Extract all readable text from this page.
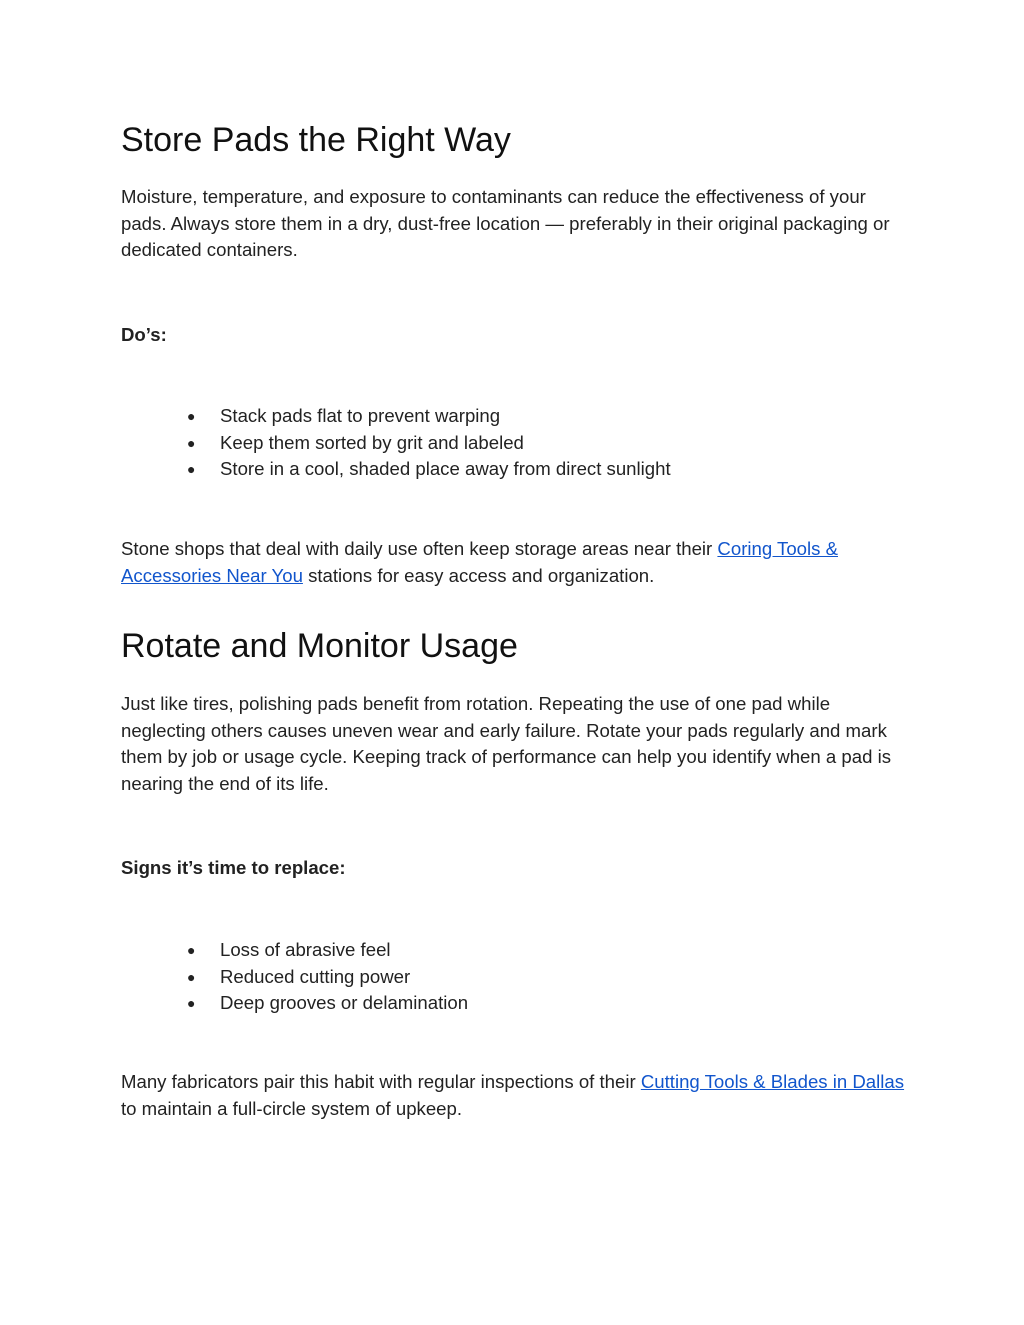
Store Pads the Right Way

Moisture, temperature, and exposure to contaminants can reduce the effectiveness of your pads. Always store them in a dry, dust-free location — preferably in their original packaging or dedicated containers.

Do’s:
● Stack pads flat to prevent warping
● Keep them sorted by grit and labeled
● Store in a cool, shaded place away from direct sunlight

Stone shops that deal with daily use often keep storage areas near their Coring Tools & Accessories Near You stations for easy access and organization.

Rotate and Monitor Usage

Just like tires, polishing pads benefit from rotation. Repeating the use of one pad while neglecting others causes uneven wear and early failure. Rotate your pads regularly and mark them by job or usage cycle. Keeping track of performance can help you identify when a pad is nearing the end of its life.

Signs it’s time to replace:
● Loss of abrasive feel
● Reduced cutting power
● Deep grooves or delamination

Many fabricators pair this habit with regular inspections of their Cutting Tools & Blades in Dallas to maintain a full-circle system of upkeep.
